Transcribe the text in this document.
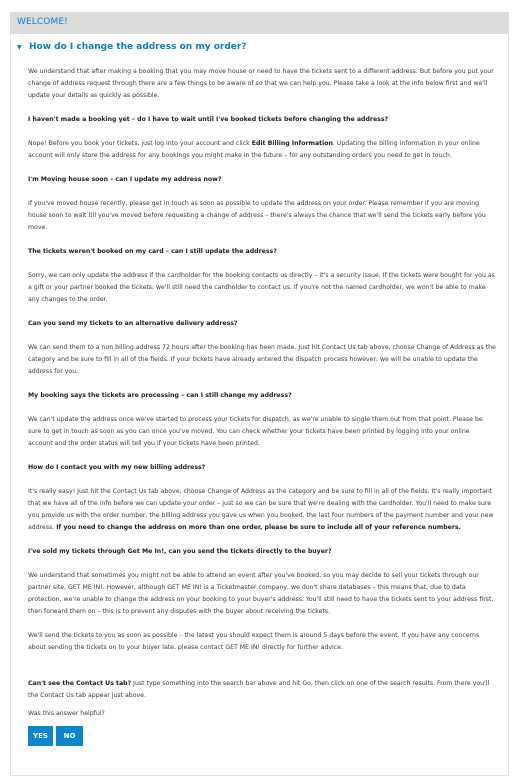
WELCOME!
▼ How do I change the address on my order?

We understand that after making a booking that you may move house or need to have the tickets sent to a different address. But before you put your change of address request through there are a few things to be aware of so that we can help you. Please take a look at the info below first and we'll update your details as quickly as possible.

I haven't made a booking yet – do I have to wait until I've booked tickets before changing the address?

Nope! Before you book your tickets, just log into your account and click Edit Billing Information. Updating the billing information in your online account will only store the address for any bookings you might make in the future – for any outstanding orders you need to get in touch.

I'm Moving house soon – can I update my address now?

If you've moved house recently, please get in touch as soon as possible to update the address on your order. Please remember if you are moving house soon to wait till you've moved before requesting a change of address – there's always the chance that we'll send the tickets early before you move.

The tickets weren't booked on my card – can I still update the address?

Sorry, we can only update the address if the cardholder for the booking contacts us directly – it's a security issue. If the tickets were bought for you as a gift or your partner booked the tickets, we'll still need the cardholder to contact us. If you're not the named cardholder, we won't be able to make any changes to the order.

Can you send my tickets to an alternative delivery address?

We can send them to a non billing address 72 hours after the booking has been made. Just hit Contact Us tab above, choose Change of Address as the category and be sure to fill in all of the fields. If your tickets have already entered the dispatch process however, we will be unable to update the address for you.

My booking says the tickets are processing – can I still change my address?

We can't update the address once we've started to process your tickets for dispatch, as we're unable to single them out from that point. Please be sure to get in touch as soon as you can once you've moved. You can check whether your tickets have been printed by logging into your online account and the order status will tell you if your tickets have been printed.

How do I contact you with my new billing address?

It's really easy! Just hit the Contact Us tab above, choose Change of Address as the category and be sure to fill in all of the fields. It's really important that we have all of the info before we can update your order – just so we can be sure that we're dealing with the cardholder. You'll need to make sure you provide us with the order number, the billing address you gave us when you booked, the last four numbers of the payment number and your new address. If you need to change the address on more than one order, please be sure to include all of your reference numbers.

I've sold my tickets through Get Me In!, can you send the tickets directly to the buyer?

We understand that sometimes you might not be able to attend an event after you've booked, so you may decide to sell your tickets through our partner site, GET ME IN!. However, although GET ME IN! is a Ticketmaster company, we don't share databases – this means that, due to data protection, we're unable to change the address on your booking to your buyer's address. You'll still need to have the tickets sent to your address first, then forward them on – this is to prevent any disputes with the buyer about receiving the tickets.

We'll send the tickets to you as soon as possible – the latest you should expect them is around 5 days before the event. If you have any concerns about sending the tickets on to your buyer late, please contact GET ME IN! directly for further advice.

Can't see the Contact Us tab? Just type something into the search bar above and hit Go, then click on one of the search results. From there you'll the Contact Us tab appear just above.

Was this answer helpful?

YES	NO
